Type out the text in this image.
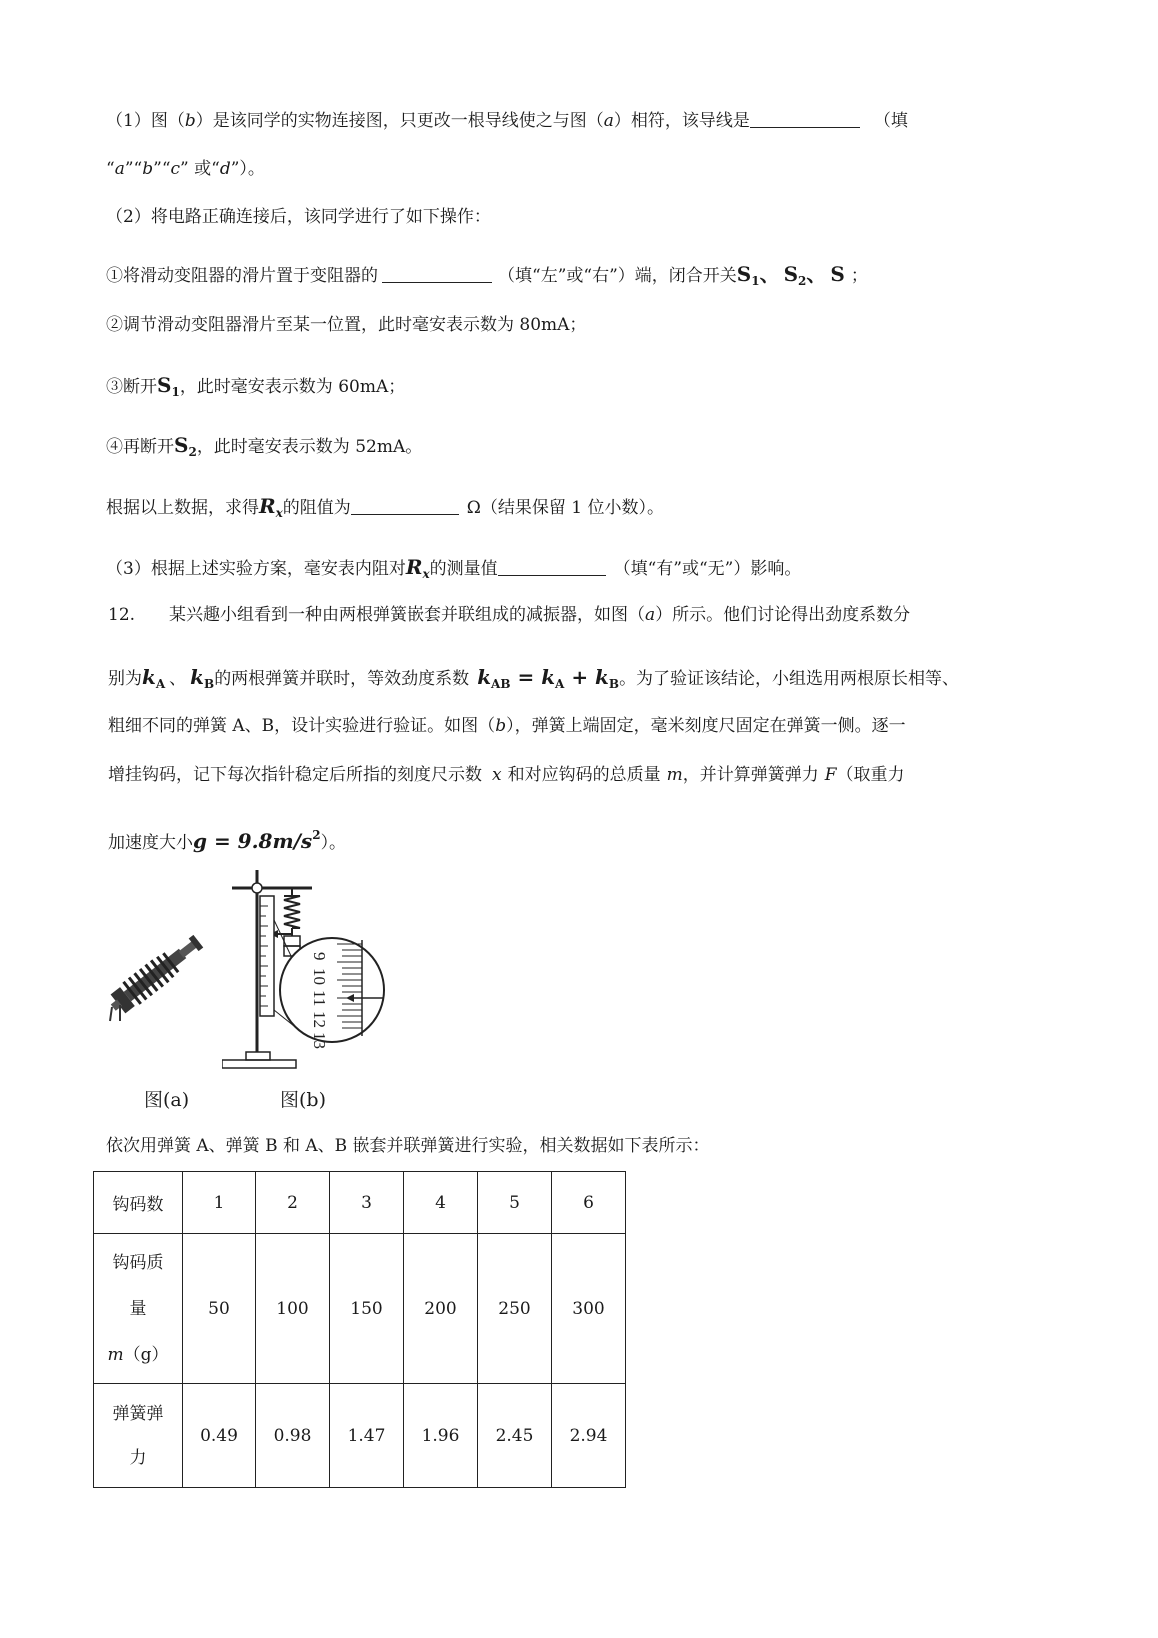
（1）图（b）是该同学的实物连接图，只更改一根导线使之与图（a）相符，该导线是	（填
“a”“b”“c” 或“d”）。
（2）将电路正确连接后，该同学进行了如下操作：
①将滑动变阻器的滑片置于变阻器的	（填“左”或“右”）端，闭合开关$S_1$、 $S_2$、 S ；
②调节滑动变阻器滑片至某一位置，此时毫安表示数为 80mA；
③断开$S_1$，此时毫安表示数为 60mA；
④再断开$S_2$，此时毫安表示数为 52mA。
根据以上数据，求得$R_x$的阻值为	Ω（结果保留 1 位小数）。
（3）根据上述实验方案，毫安表内阻对$R_x$的测量值	（填“有”或“无”）影响。
12. 某兴趣小组看到一种由两根弹簧嵌套并联组成的减振器，如图（a）所示。他们讨论得出劲度系数分
别为$k_A$ 、 $k_B$的两根弹簧并联时，等效劲度系数 $k_{AB} = k_A + k_B$。为了验证该结论，小组选用两根原长相等、
粗细不同的弹簧 A、B，设计实验进行验证。如图（b），弹簧上端固定，毫米刻度尺固定在弹簧一侧。逐一
增挂钩码，记下每次指针稳定后所指的刻度尺示数 x 和对应钩码的总质量 m，并计算弹簧弹力 F（取重力
加速度大小$g = 9.8m/s^2$）。
9
10
11
12
13
图(a)	图(b)
依次用弹簧 A、弹簧 B 和 A、B 嵌套并联弹簧进行实验，相关数据如下表所示：
钩码数	1	2	3	4	5	6

钩码质
量
m（g）	50	100	150	200	250	300

弹簧弹
力	0.49	0.98	1.47	1.96	2.45	2.94
